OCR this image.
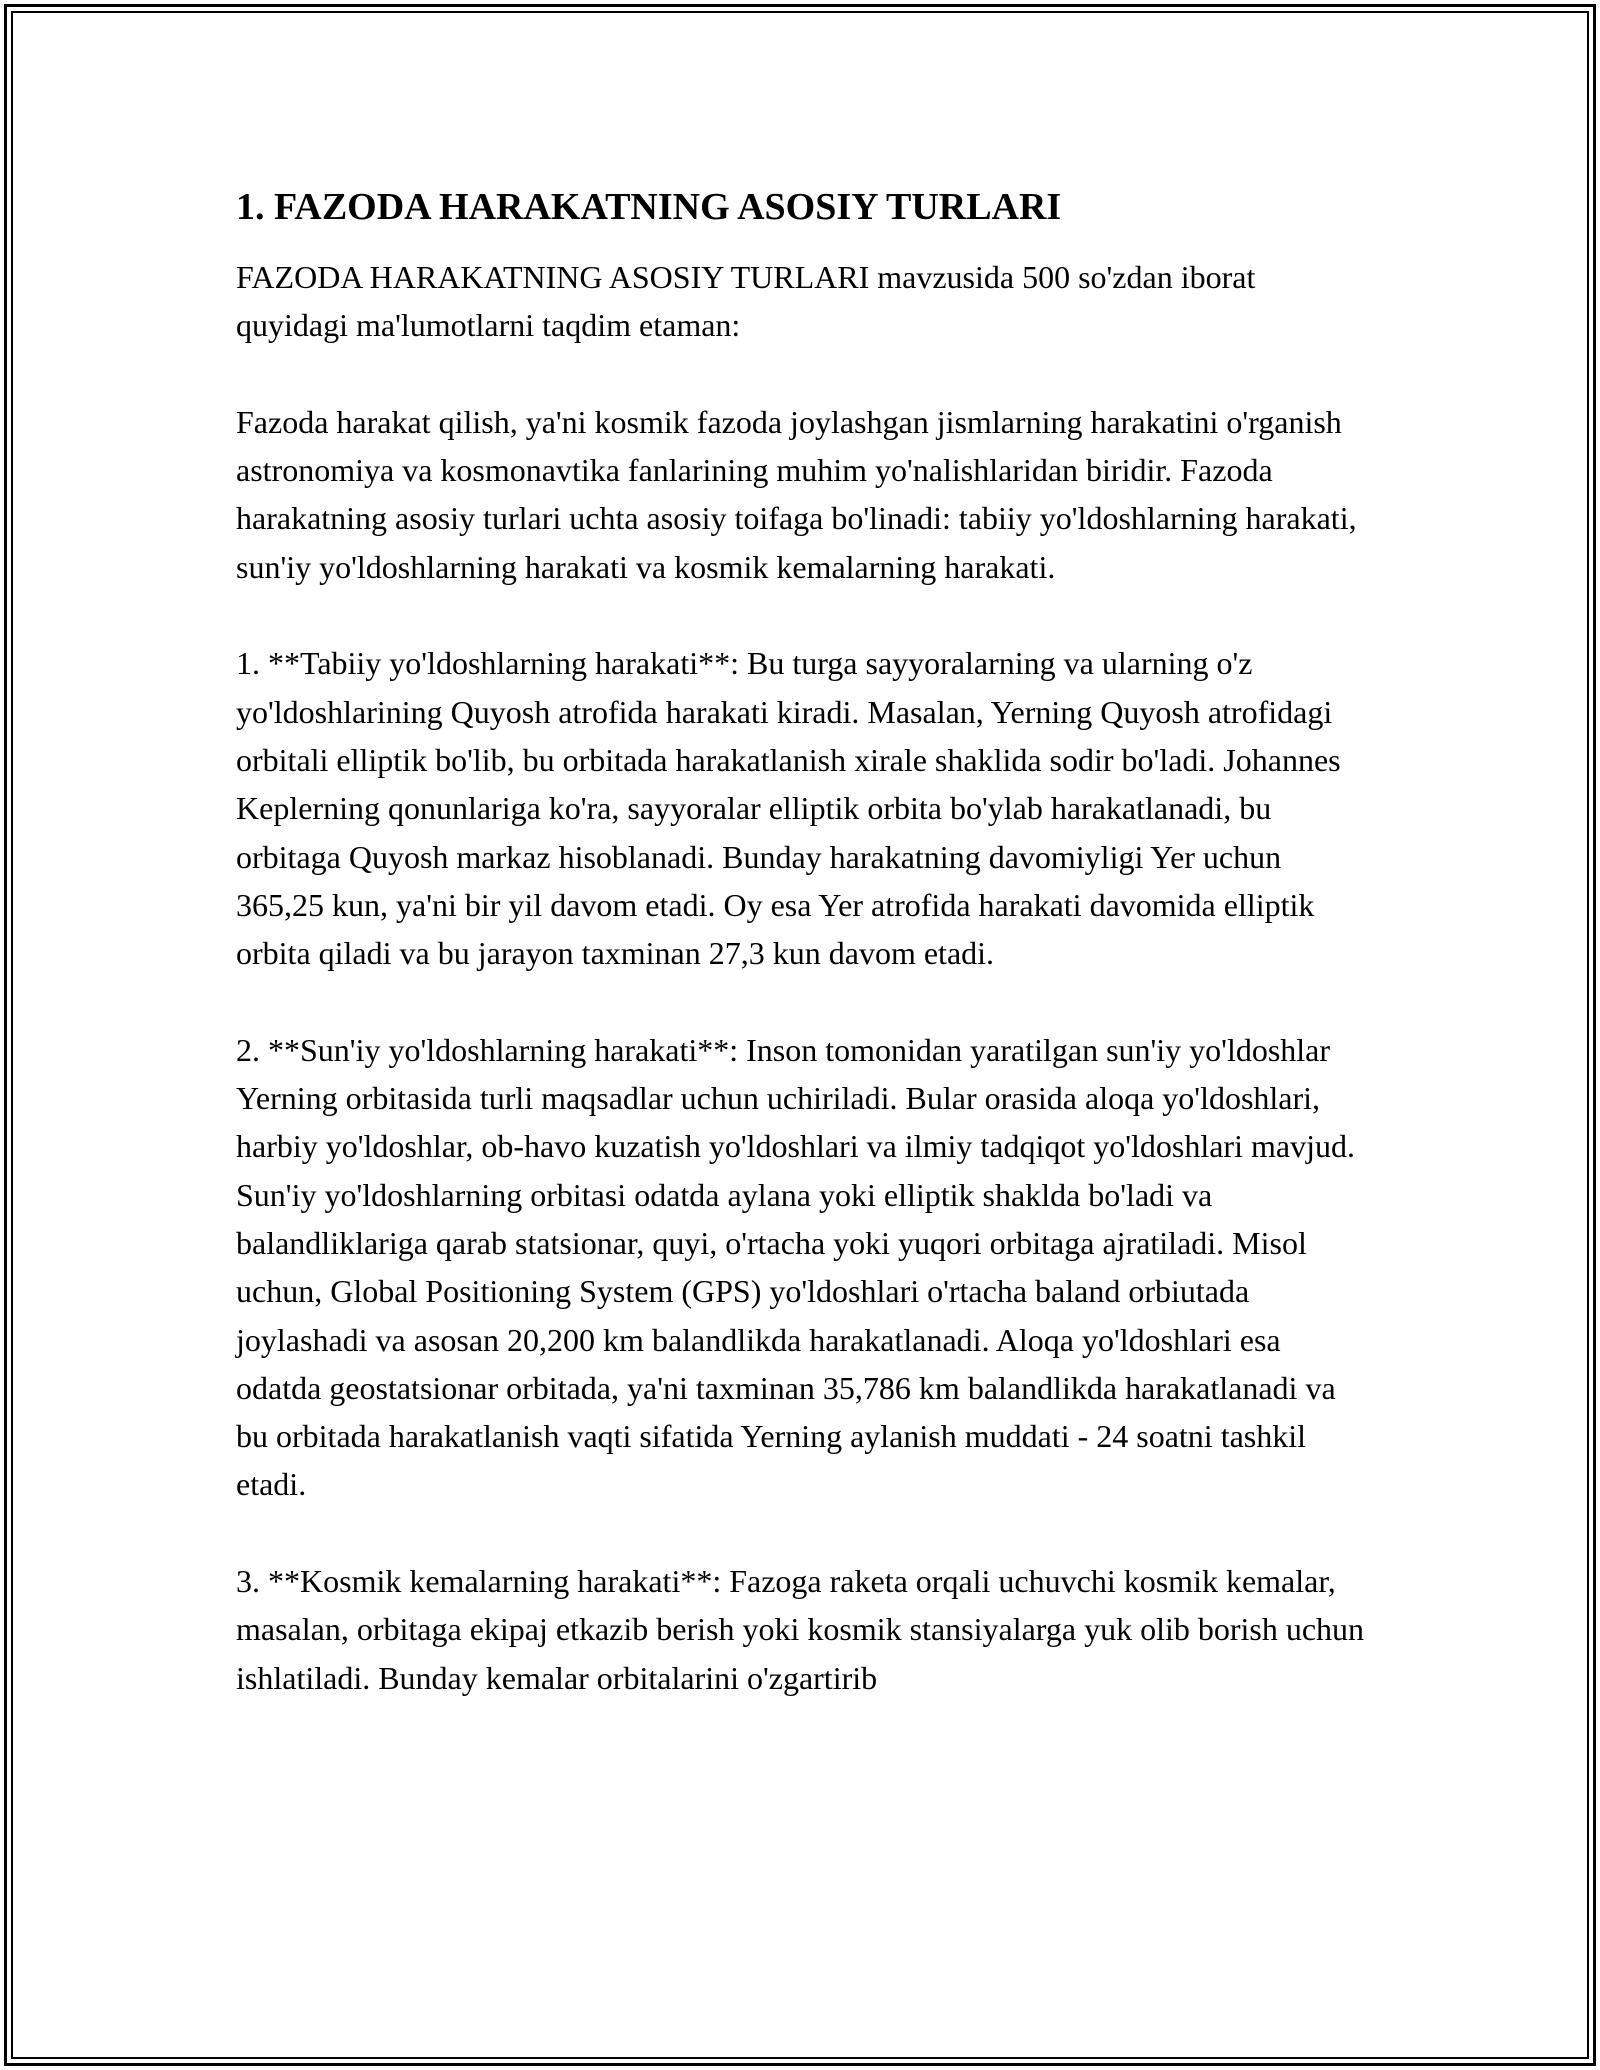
1. FAZODA HARAKATNING ASOSIY TURLARI

FAZODA HARAKATNING ASOSIY TURLARI mavzusida 500 so'zdan iborat quyidagi ma'lumotlarni taqdim etaman:

Fazoda harakat qilish, ya'ni kosmik fazoda joylashgan jismlarning harakatini o'rganish astronomiya va kosmonavtika fanlarining muhim yo'nalishlaridan biridir. Fazoda harakatning asosiy turlari uchta asosiy toifaga bo'linadi: tabiiy yo'ldoshlarning harakati, sun'iy yo'ldoshlarning harakati va kosmik kemalarning harakati.

1. **Tabiiy yo'ldoshlarning harakati**: Bu turga sayyoralarning va ularning o'z yo'ldoshlarining Quyosh atrofida harakati kiradi. Masalan, Yerning Quyosh atrofidagi orbitali elliptik bo'lib, bu orbitada harakatlanish xirale shaklida sodir bo'ladi. Johannes Keplerning qonunlariga ko'ra, sayyoralar elliptik orbita bo'ylab harakatlanadi, bu orbitaga Quyosh markaz hisoblanadi. Bunday harakatning davomiyligi Yer uchun 365,25 kun, ya'ni bir yil davom etadi. Oy esa Yer atrofida harakati davomida elliptik orbita qiladi va bu jarayon taxminan 27,3 kun davom etadi.

2. **Sun'iy yo'ldoshlarning harakati**: Inson tomonidan yaratilgan sun'iy yo'ldoshlar Yerning orbitasida turli maqsadlar uchun uchiriladi. Bular orasida aloqa yo'ldoshlari, harbiy yo'ldoshlar, ob-havo kuzatish yo'ldoshlari va ilmiy tadqiqot yo'ldoshlari mavjud. Sun'iy yo'ldoshlarning orbitasi odatda aylana yoki elliptik shaklda bo'ladi va balandliklariga qarab statsionar, quyi, o'rtacha yoki yuqori orbitaga ajratiladi. Misol uchun, Global Positioning System (GPS) yo'ldoshlari o'rtacha baland orbiutada joylashadi va asosan 20,200 km balandlikda harakatlanadi. Aloqa yo'ldoshlari esa odatda geostatsionar orbitada, ya'ni taxminan 35,786 km balandlikda harakatlanadi va bu orbitada harakatlanish vaqti sifatida Yerning aylanish muddati - 24 soatni tashkil etadi.

3. **Kosmik kemalarning harakati**: Fazoga raketa orqali uchuvchi kosmik kemalar, masalan, orbitaga ekipaj etkazib berish yoki kosmik stansiyalarga yuk olib borish uchun ishlatiladi. Bunday kemalar orbitalarini o'zgartirib
